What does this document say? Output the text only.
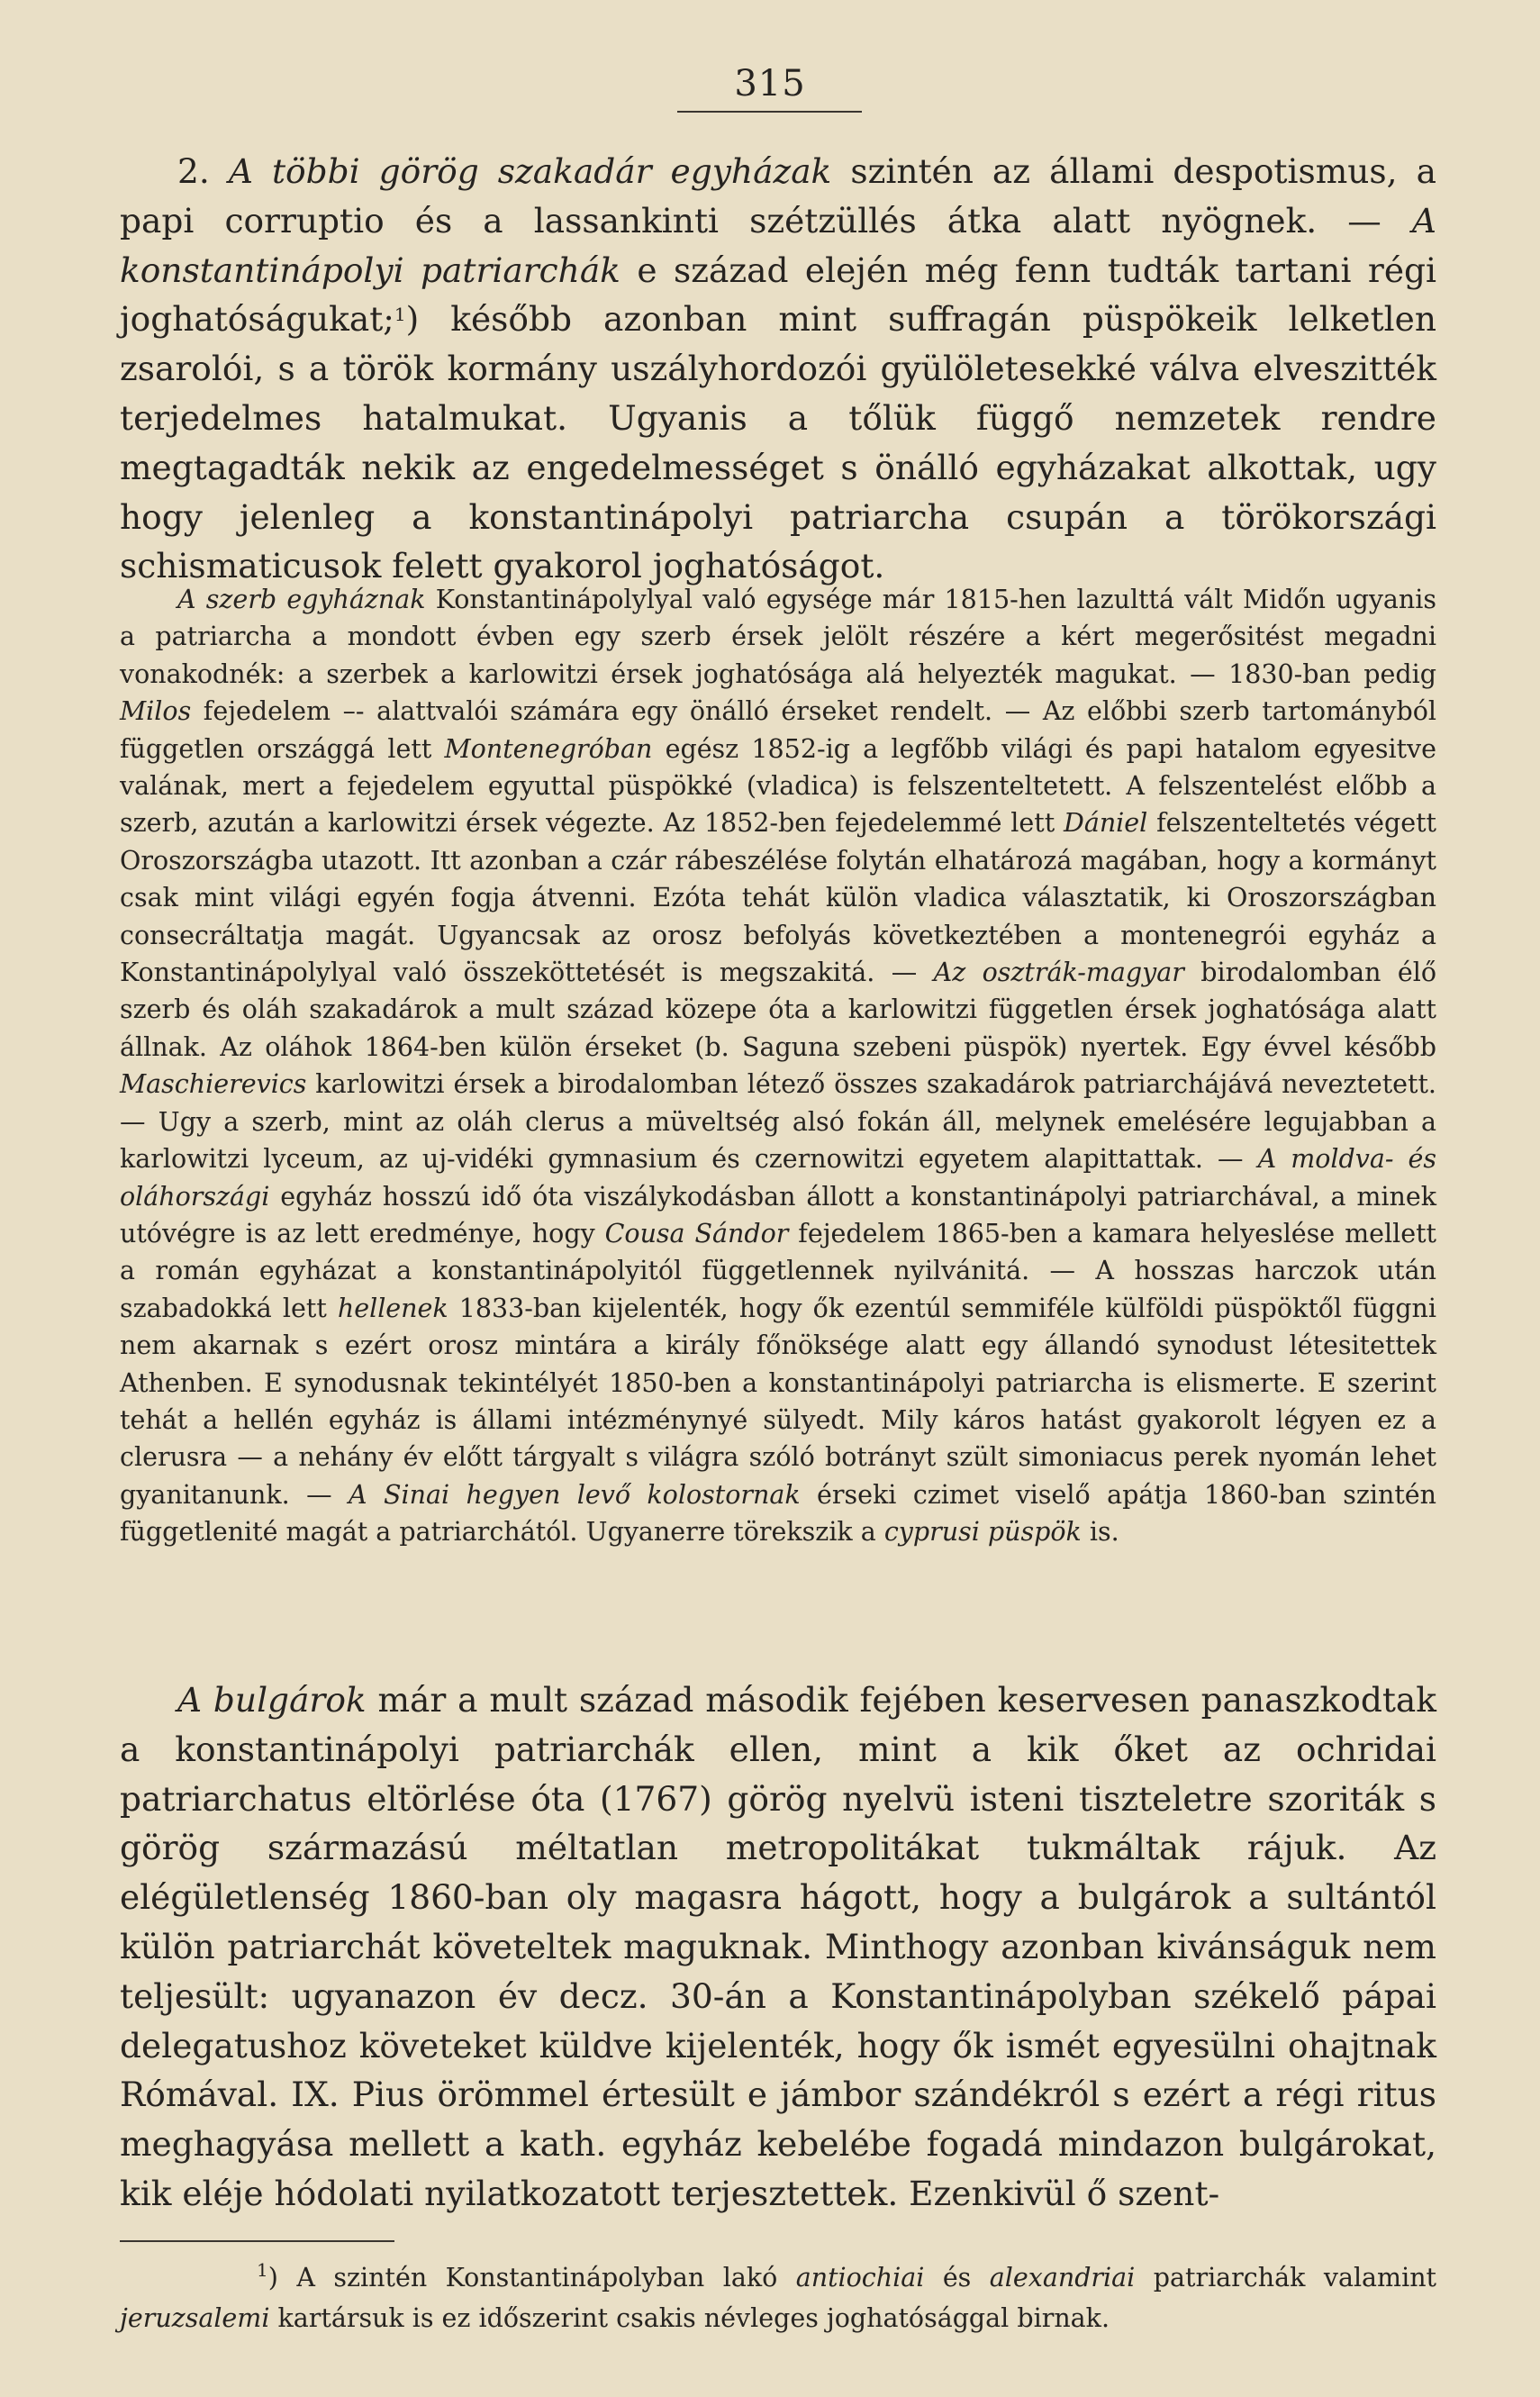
315

2. A többi görög szakadár egyházak szintén az állami despotismus, a papi corruptio és a lassankinti szétzüllés átka alatt nyögnek. — A konstantinápolyi patriarchák e század elején még fenn tudták tartani régi joghatóságukat;$^1$) később azonban mint suffragán püspökeik lelketlen zsarolói, s a török kormány uszályhordozói gyülöletesekké válva elveszitték terjedelmes hatalmukat. Ugyanis a tőlük függő nemzetek rendre megtagadták nekik az engedelmességet s önálló egyházakat alkottak, ugy hogy jelenleg a konstantinápolyi patriarcha csupán a törökországi schismaticusok felett gyakorol joghatóságot.

A szerb egyháznak Konstantinápolylyal való egysége már 1815-hen lazulttá vált Midőn ugyanis a patriarcha a mondott évben egy szerb érsek jelölt részére a kért megerősitést megadni vonakodnék: a szerbek a karlowitzi érsek joghatósága alá helyezték magukat. — 1830-ban pedig Milos fejedelem –- alattvalói számára egy önálló érseket rendelt. — Az előbbi szerb tartományból független országgá lett Montenegróban egész 1852-ig a legfőbb világi és papi hatalom egyesitve valának, mert a fejedelem egyuttal püspökké (vladica) is felszenteltetett. A felszentelést előbb a szerb, azután a karlowitzi érsek végezte. Az 1852-ben fejedelemmé lett Dániel felszenteltetés végett Oroszországba utazott. Itt azonban a czár rábeszélése folytán elhatározá magában, hogy a kormányt csak mint világi egyén fogja átvenni. Ezóta tehát külön vladica választatik, ki Oroszországban consecráltatja magát. Ugyancsak az orosz befolyás következtében a montenegrói egyház a Konstantinápolylyal való összeköttetését is megszakitá. — Az osztrák-magyar birodalomban élő szerb és oláh szakadárok a mult század közepe óta a karlowitzi független érsek joghatósága alatt állnak. Az oláhok 1864-ben külön érseket (b. Saguna szebeni püspök) nyertek. Egy évvel később Maschierevics karlowitzi érsek a birodalomban létező összes szakadárok patriarchájává neveztetett. — Ugy a szerb, mint az oláh clerus a müveltség alsó fokán áll, melynek emelésére legujabban a karlowitzi lyceum, az uj-vidéki gymnasium és czernowitzi egyetem alapittattak. — A moldva- és oláhországi egyház hosszú idő óta viszálykodásban állott a konstantinápolyi patriarchával, a minek utóvégre is az lett eredménye, hogy Cousa Sándor fejedelem 1865-ben a kamara helyeslése mellett a román egyházat a konstantinápolyitól függetlennek nyilvánitá. — A hosszas harczok után szabadokká lett hellenek 1833-ban kijelenték, hogy ők ezentúl semmiféle külföldi püspöktől függni nem akarnak s ezért orosz mintára a király főnöksége alatt egy állandó synodust létesitettek Athenben. E synodusnak tekintélyét 1850-ben a konstantinápolyi patriarcha is elismerte. E szerint tehát a hellén egyház is állami intézménynyé sülyedt. Mily káros hatást gyakorolt légyen ez a clerusra — a nehány év előtt tárgyalt s világra szóló botrányt szült simoniacus perek nyomán lehet gyanitanunk. — A Sinai hegyen levő kolostornak érseki czimet viselő apátja 1860-ban szintén függetlenité magát a patriarchától. Ugyanerre törekszik a cyprusi püspök is.

A bulgárok már a mult század második fejében keservesen panaszkodtak a konstantinápolyi patriarchák ellen, mint a kik őket az ochridai patriarchatus eltörlése óta (1767) görög nyelvü isteni tiszteletre szoriták s görög származású méltatlan metropolitákat tukmáltak rájuk. Az elégületlenség 1860-ban oly magasra hágott, hogy a bulgárok a sultántól külön patriarchát követeltek maguknak. Minthogy azonban kivánságuk nem teljesült: ugyanazon év decz. 30-án a Konstantinápolyban székelő pápai delegatushoz követeket küldve kijelenték, hogy ők ismét egyesülni ohajtnak Rómával. IX. Pius örömmel értesült e jámbor szándékról s ezért a régi ritus meghagyása mellett a kath. egyház kebelébe fogadá mindazon bulgárokat, kik eléje hódolati nyilatkozatott terjesztettek. Ezenkivül ő szent-

$^1$) A szintén Konstantinápolyban lakó antiochiai és alexandriai patriarchák valamint jeruzsalemi kartársuk is ez időszerint csakis névleges joghatósággal birnak.
